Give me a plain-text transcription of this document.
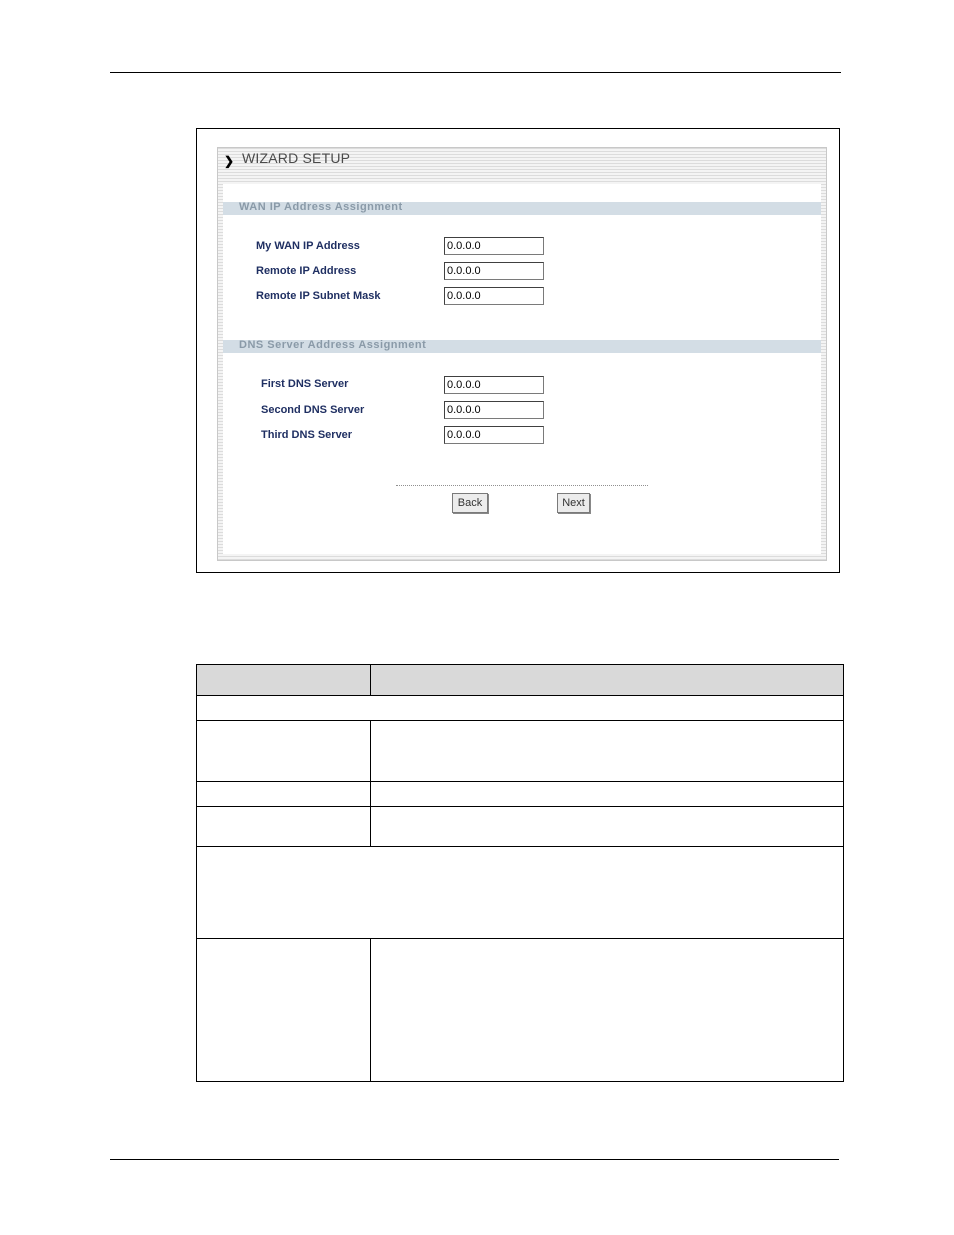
❯ WIZARD SETUP
WAN IP Address Assignment
My WAN IP Address
0.0.0.0
Remote IP Address
0.0.0.0
Remote IP Subnet Mask
0.0.0.0
DNS Server Address Assignment
First DNS Server
0.0.0.0
Second DNS Server
0.0.0.0
Third DNS Server
0.0.0.0
Back	Next
